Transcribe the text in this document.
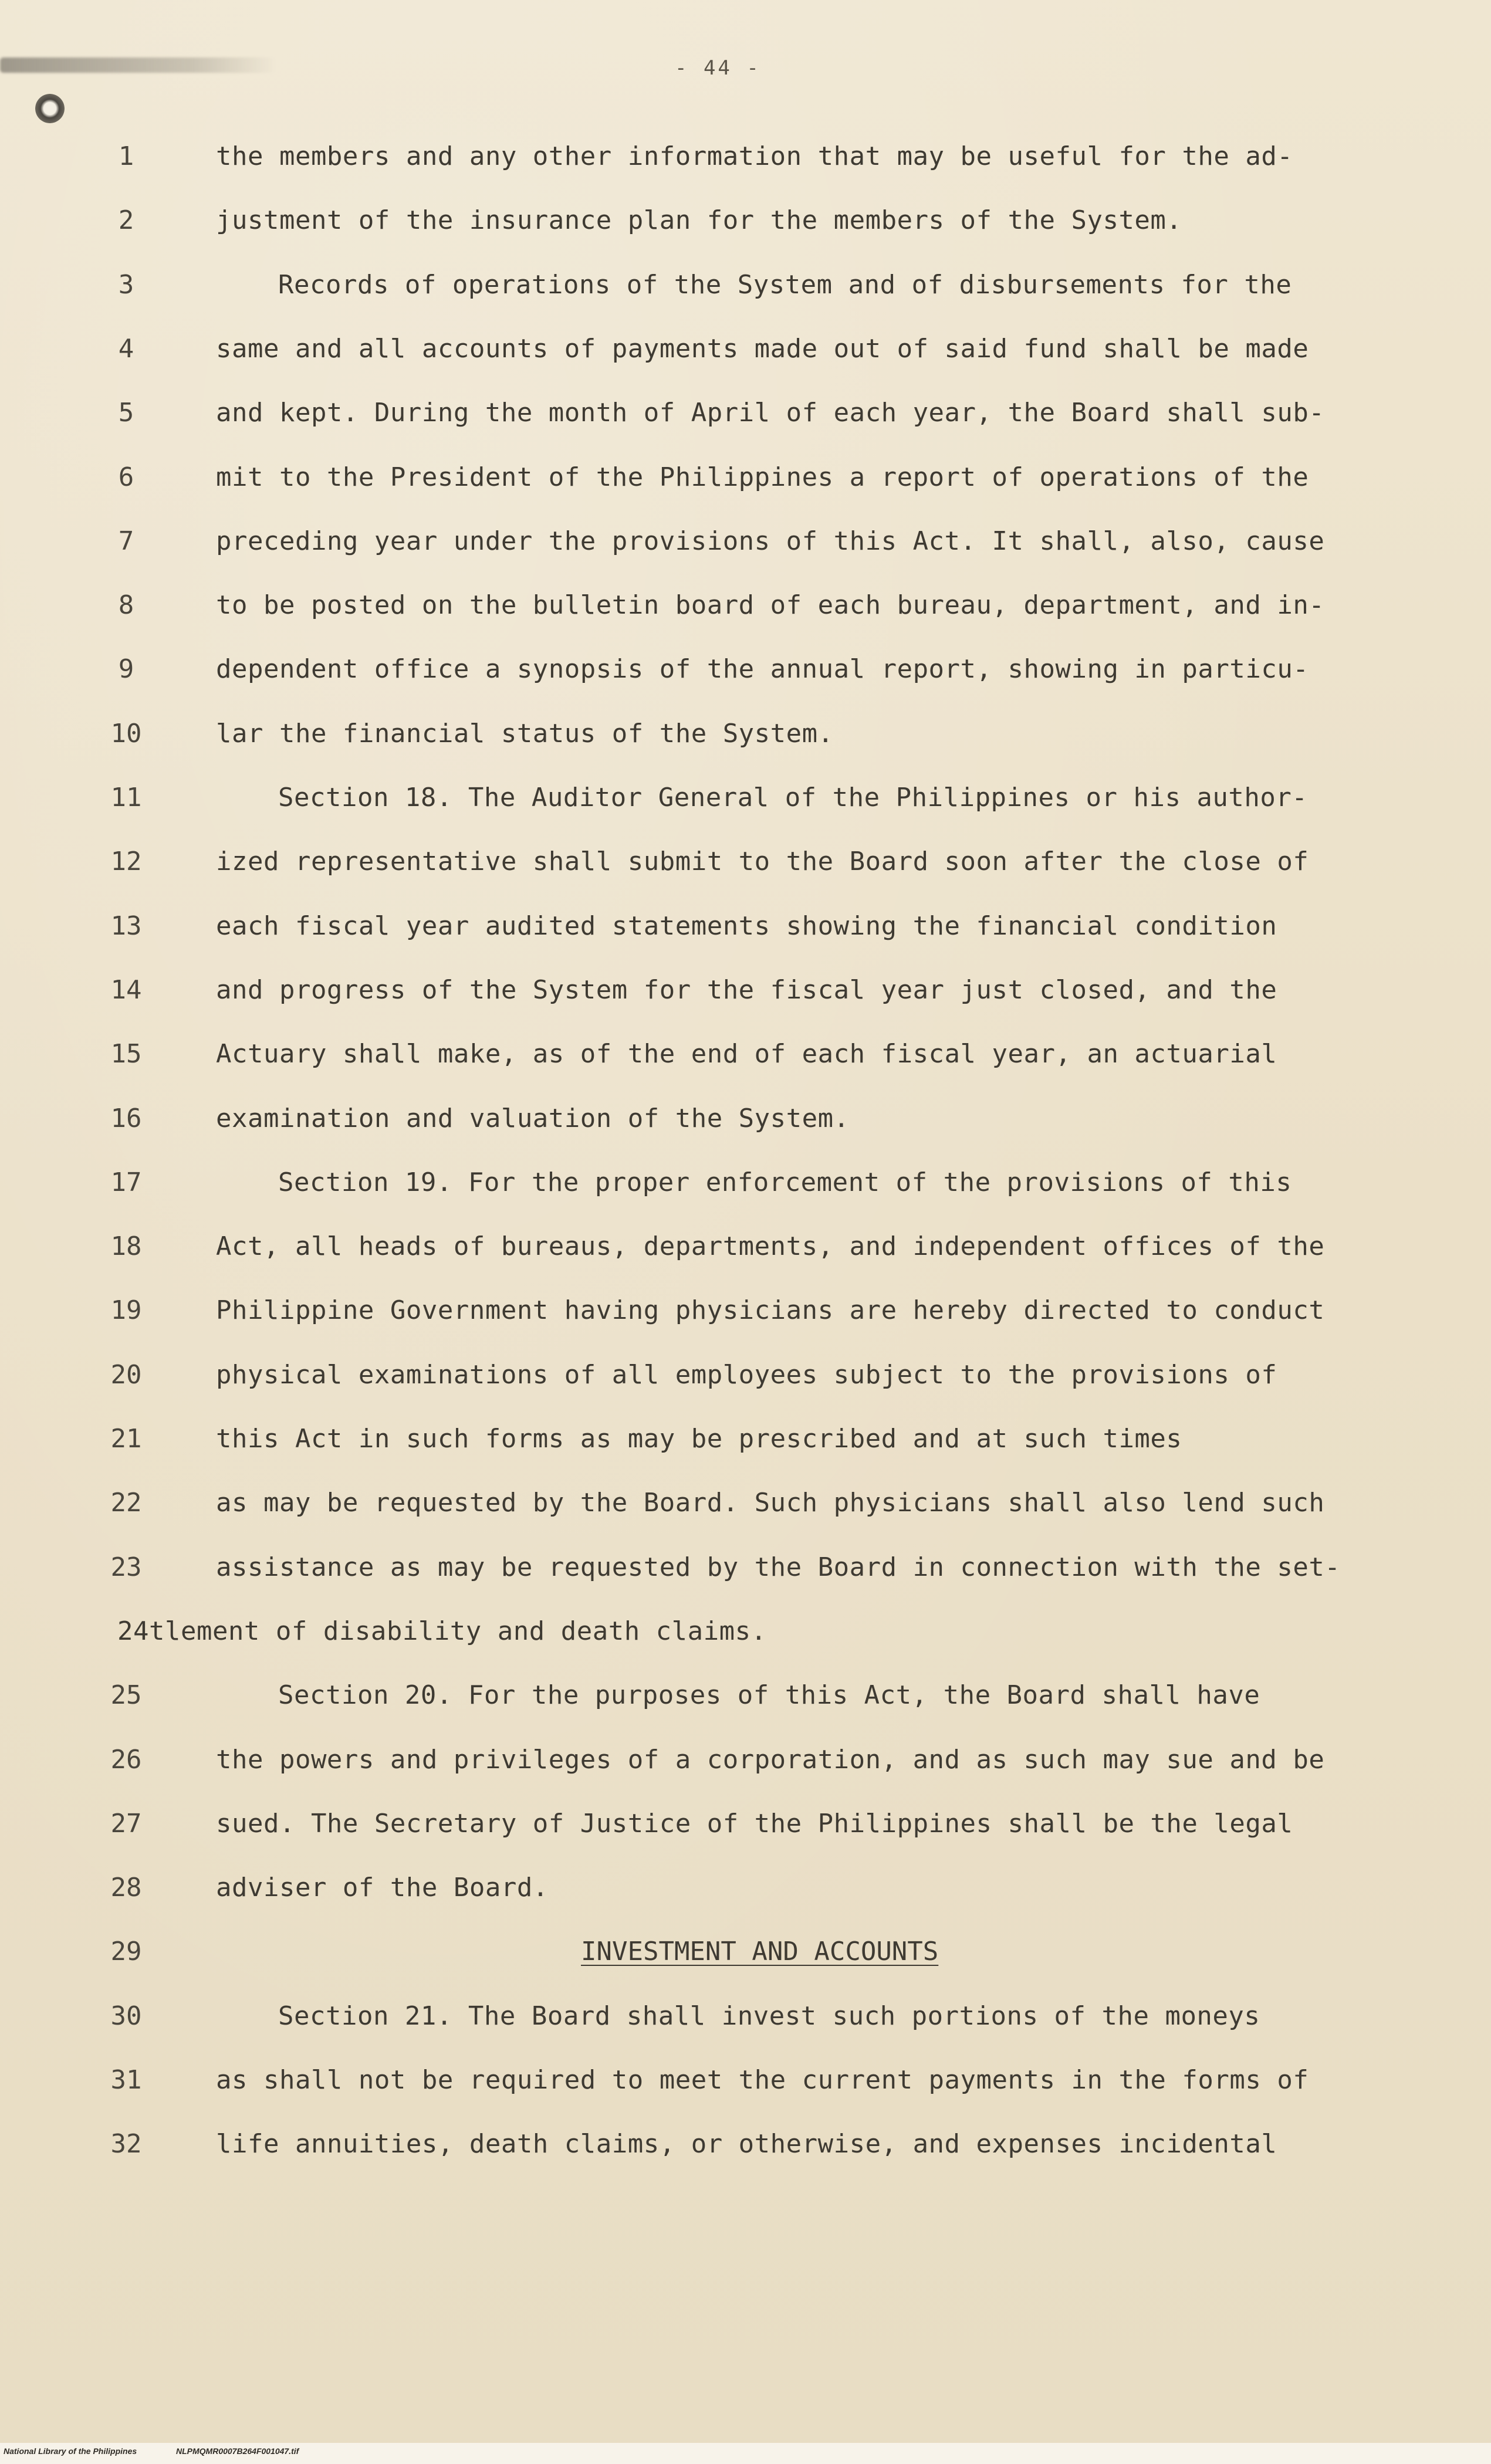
- 44 -
1	the members and any other information that may be useful for the ad-
2	justment of the insurance plan for the members of the System.
3	Records of operations of the System and of disbursements for the
4	same and all accounts of payments made out of said fund shall be made
5	and kept. During the month of April of each year, the Board shall sub-
6	mit to the President of the Philippines a report of operations of the
7	preceding year under the provisions of this Act. It shall, also, cause
8	to be posted on the bulletin board of each bureau, department, and in-
9	dependent office a synopsis of the annual report, showing in particu-
10	lar the financial status of the System.
11	Section 18. The Auditor General of the Philippines or his author-
12	ized representative shall submit to the Board soon after the close of
13	each fiscal year audited statements showing the financial condition
14	and progress of the System for the fiscal year just closed, and the
15	Actuary shall make, as of the end of each fiscal year, an actuarial
16	examination and valuation of the System.
17	Section 19. For the proper enforcement of the provisions of this
18	Act, all heads of bureaus, departments, and independent offices of the
19	Philippine Government having physicians are hereby directed to conduct
20	physical examinations of all employees subject to the provisions of
21	this Act in such forms as may be prescribed and at such times
22	as may be requested by the Board. Such physicians shall also lend such
23	assistance as may be requested by the Board in connection with the set-
24tlement of disability and death claims.
25	Section 20. For the purposes of this Act, the Board shall have
26	the powers and privileges of a corporation, and as such may sue and be
27	sued. The Secretary of Justice of the Philippines shall be the legal
28	adviser of the Board.
29	INVESTMENT AND ACCOUNTS
30	Section 21. The Board shall invest such portions of the moneys
31	as shall not be required to meet the current payments in the forms of
32	life annuities, death claims, or otherwise, and expenses incidental
National Library of the Philippines	NLPMQMR0007B264F001047.tif
